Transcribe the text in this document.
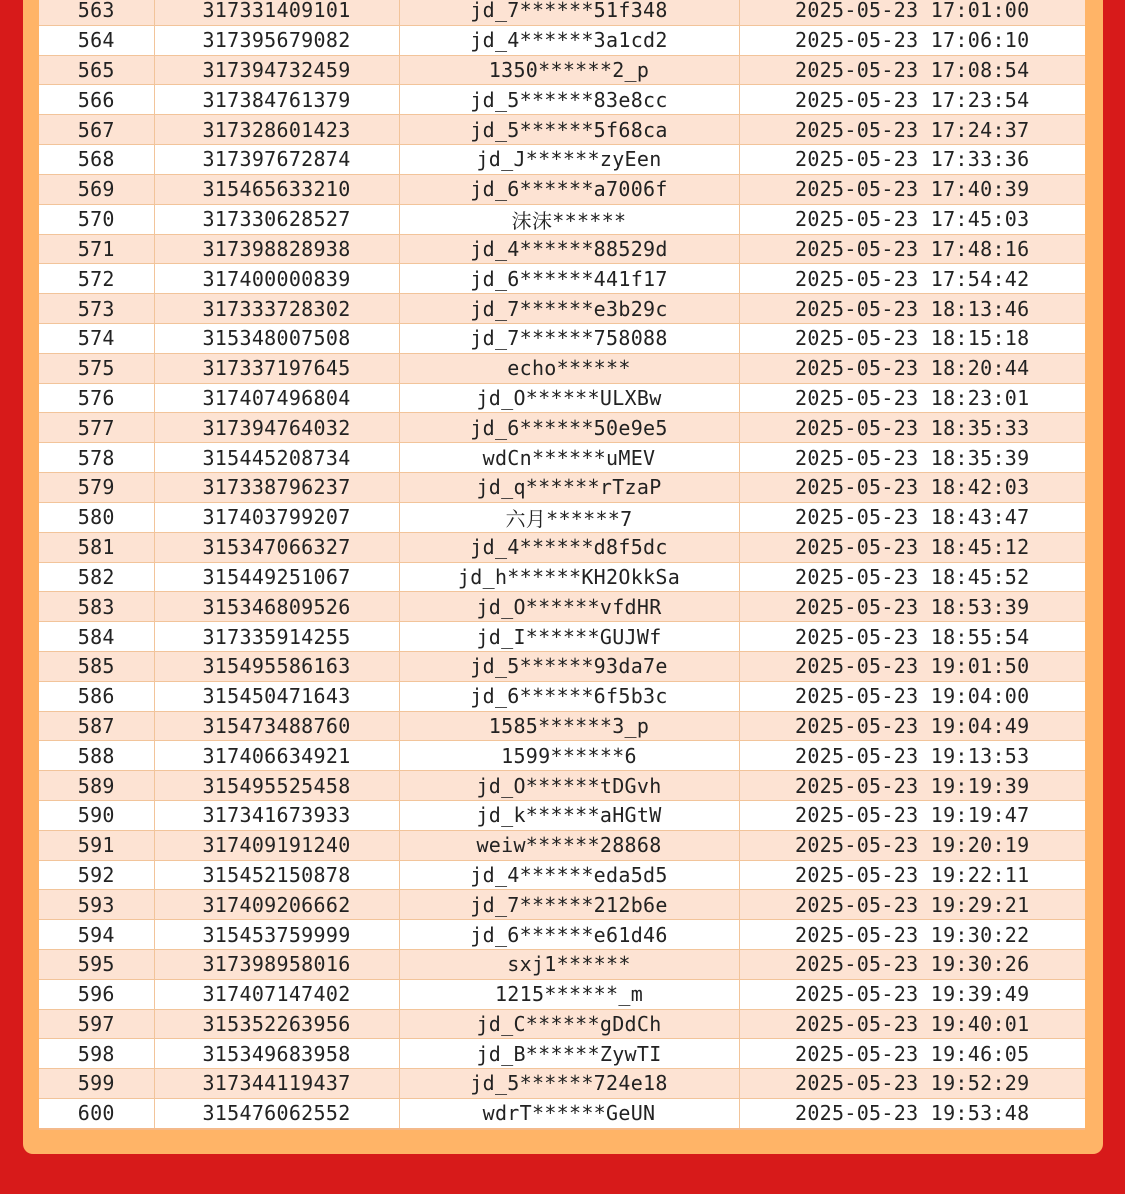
563	317331409101	jd_7******51f348	2025-05-23 17:01:00
564	317395679082	jd_4******3a1cd2	2025-05-23 17:06:10
565	317394732459	1350******2_p	2025-05-23 17:08:54
566	317384761379	jd_5******83e8cc	2025-05-23 17:23:54
567	317328601423	jd_5******5f68ca	2025-05-23 17:24:37
568	317397672874	jd_J******zyEen	2025-05-23 17:33:36
569	315465633210	jd_6******a7006f	2025-05-23 17:40:39
570	317330628527	沫沫******	2025-05-23 17:45:03
571	317398828938	jd_4******88529d	2025-05-23 17:48:16
572	317400000839	jd_6******441f17	2025-05-23 17:54:42
573	317333728302	jd_7******e3b29c	2025-05-23 18:13:46
574	315348007508	jd_7******758088	2025-05-23 18:15:18
575	317337197645	echo******	2025-05-23 18:20:44
576	317407496804	jd_O******ULXBw	2025-05-23 18:23:01
577	317394764032	jd_6******50e9e5	2025-05-23 18:35:33
578	315445208734	wdCn******uMEV	2025-05-23 18:35:39
579	317338796237	jd_q******rTzaP	2025-05-23 18:42:03
580	317403799207	六月******7	2025-05-23 18:43:47
581	315347066327	jd_4******d8f5dc	2025-05-23 18:45:12
582	315449251067	jd_h******KH2OkkSa	2025-05-23 18:45:52
583	315346809526	jd_O******vfdHR	2025-05-23 18:53:39
584	317335914255	jd_I******GUJWf	2025-05-23 18:55:54
585	315495586163	jd_5******93da7e	2025-05-23 19:01:50
586	315450471643	jd_6******6f5b3c	2025-05-23 19:04:00
587	315473488760	1585******3_p	2025-05-23 19:04:49
588	317406634921	1599******6	2025-05-23 19:13:53
589	315495525458	jd_O******tDGvh	2025-05-23 19:19:39
590	317341673933	jd_k******aHGtW	2025-05-23 19:19:47
591	317409191240	weiw******28868	2025-05-23 19:20:19
592	315452150878	jd_4******eda5d5	2025-05-23 19:22:11
593	317409206662	jd_7******212b6e	2025-05-23 19:29:21
594	315453759999	jd_6******e61d46	2025-05-23 19:30:22
595	317398958016	sxj1******	2025-05-23 19:30:26
596	317407147402	1215******_m	2025-05-23 19:39:49
597	315352263956	jd_C******gDdCh	2025-05-23 19:40:01
598	315349683958	jd_B******ZywTI	2025-05-23 19:46:05
599	317344119437	jd_5******724e18	2025-05-23 19:52:29
600	315476062552	wdrT******GeUN	2025-05-23 19:53:48
